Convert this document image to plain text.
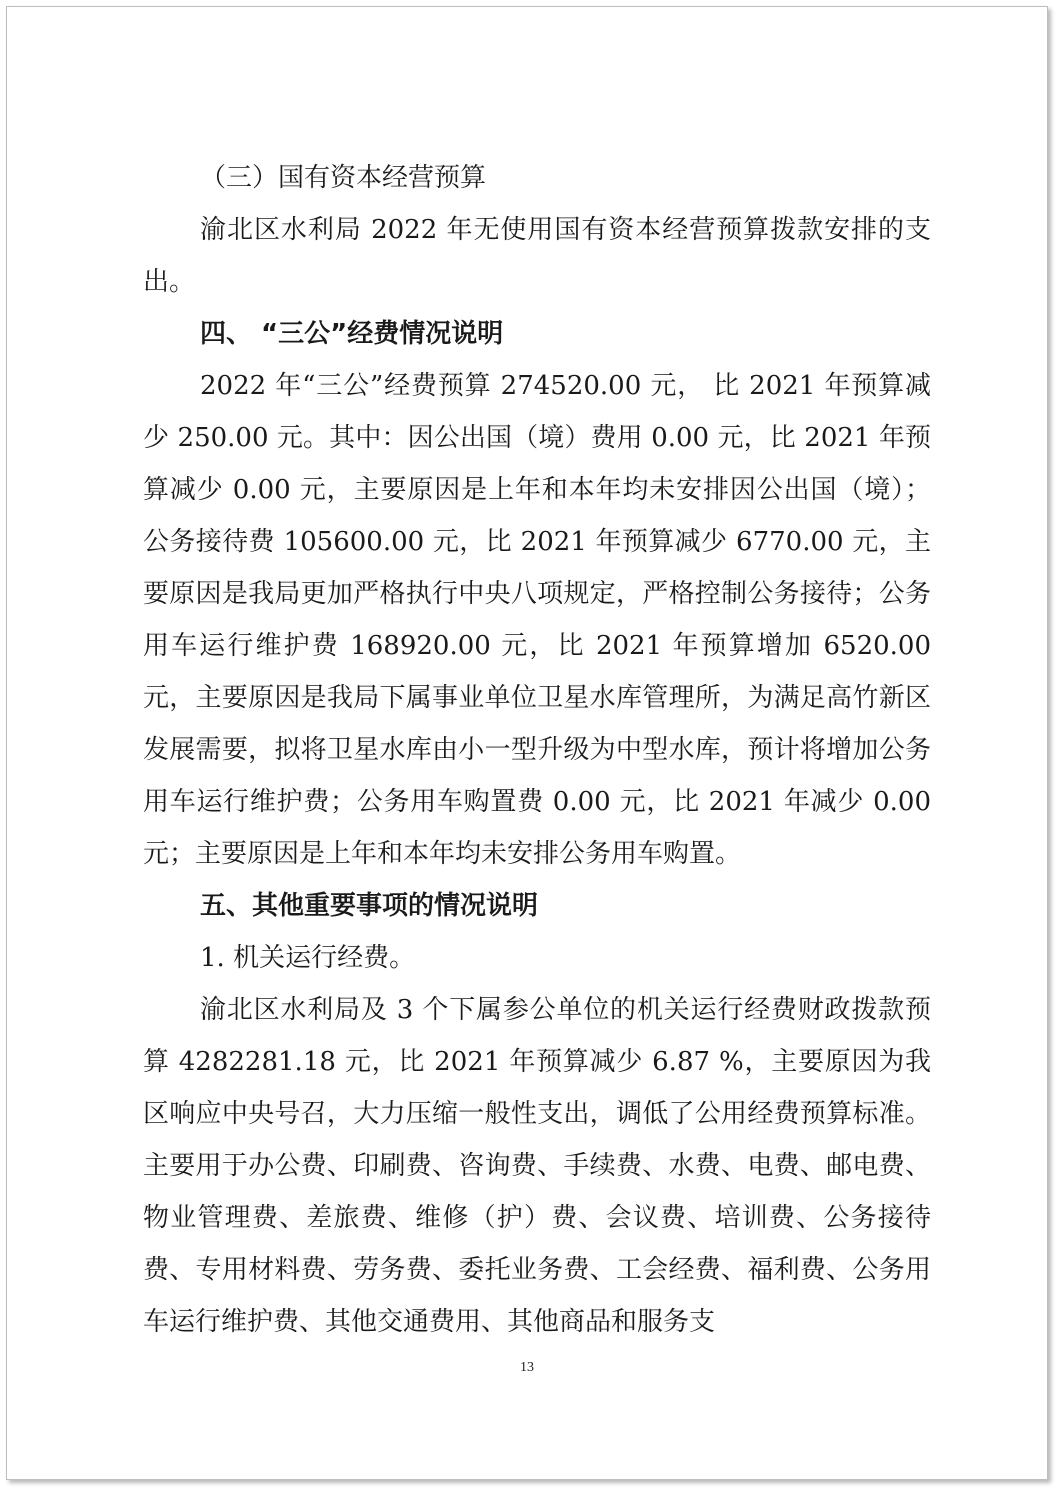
（三）国有资本经营预算

渝北区水利局 2022 年无使用国有资本经营预算拨款安排的支出。

四、 “三公”经费情况说明

2022 年“三公”经费预算 274520.00 元， 比 2021 年预算减少 250.00 元。其中：因公出国（境）费用 0.00 元，比 2021 年预算减少 0.00 元，主要原因是上年和本年均未安排因公出国（境）；公务接待费 105600.00 元，比 2021 年预算减少 6770.00 元，主要原因是我局更加严格执行中央八项规定，严格控制公务接待；公务用车运行维护费 168920.00 元，比 2021 年预算增加 6520.00 元，主要原因是我局下属事业单位卫星水库管理所，为满足高竹新区发展需要，拟将卫星水库由小一型升级为中型水库，预计将增加公务用车运行维护费；公务用车购置费 0.00 元，比 2021 年减少 0.00 元；主要原因是上年和本年均未安排公务用车购置。

五、其他重要事项的情况说明

1. 机关运行经费。

渝北区水利局及 3 个下属参公单位的机关运行经费财政拨款预算 4282281.18 元，比 2021 年预算减少 6.87 %，主要原因为我区响应中央号召，大力压缩一般性支出，调低了公用经费预算标准。主要用于办公费、印刷费、咨询费、手续费、水费、电费、邮电费、物业管理费、差旅费、维修（护）费、会议费、培训费、公务接待费、专用材料费、劳务费、委托业务费、工会经费、福利费、公务用车运行维护费、其他交通费用、其他商品和服务支

13
